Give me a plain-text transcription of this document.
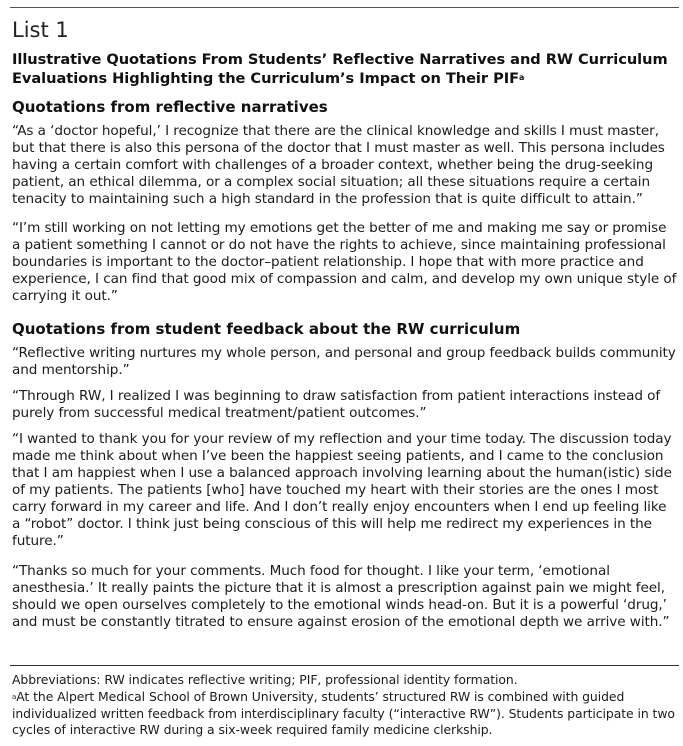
List 1
Illustrative Quotations From Students’ Reflective Narratives and RW Curriculum Evaluations Highlighting the Curriculum’s Impact on Their PIF$^a$
Quotations from reflective narratives
“As a ‘doctor hopeful,’ I recognize that there are the clinical knowledge and skills I must master, but that there is also this persona of the doctor that I must master as well. This persona includes having a certain comfort with challenges of a broader context, whether being the drug-seeking patient, an ethical dilemma, or a complex social situation; all these situations require a certain tenacity to maintaining such a high standard in the profession that is quite difficult to attain.”
“I’m still working on not letting my emotions get the better of me and making me say or promise a patient something I cannot or do not have the rights to achieve, since maintaining professional boundaries is important to the doctor–patient relationship. I hope that with more practice and experience, I can find that good mix of compassion and calm, and develop my own unique style of carrying it out.”
Quotations from student feedback about the RW curriculum
“Reflective writing nurtures my whole person, and personal and group feedback builds community and mentorship.”
“Through RW, I realized I was beginning to draw satisfaction from patient interactions instead of purely from successful medical treatment/patient outcomes.”
“I wanted to thank you for your review of my reflection and your time today. The discussion today made me think about when I’ve been the happiest seeing patients, and I came to the conclusion that I am happiest when I use a balanced approach involving learning about the human(istic) side of my patients. The patients [who] have touched my heart with their stories are the ones I most carry forward in my career and life. And I don’t really enjoy encounters when I end up feeling like a “robot” doctor. I think just being conscious of this will help me redirect my experiences in the future.”
“Thanks so much for your comments. Much food for thought. I like your term, ‘emotional anesthesia.’ It really paints the picture that it is almost a prescription against pain we might feel, should we open ourselves completely to the emotional winds head-on. But it is a powerful ‘drug,’ and must be constantly titrated to ensure against erosion of the emotional depth we arrive with.”
Abbreviations: RW indicates reflective writing; PIF, professional identity formation.
$^a$At the Alpert Medical School of Brown University, students’ structured RW is combined with guided individualized written feedback from interdisciplinary faculty (“interactive RW”). Students participate in two cycles of interactive RW during a six-week required family medicine clerkship.
